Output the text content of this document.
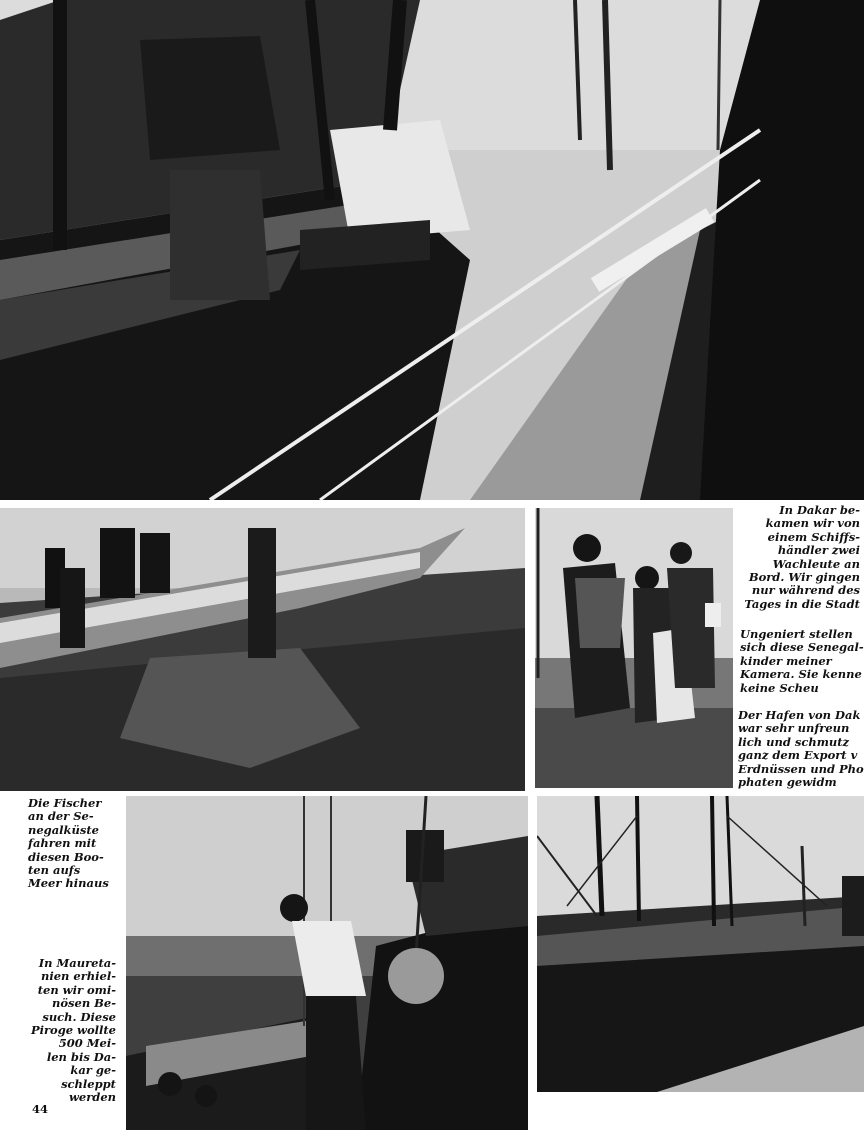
In Dakar be-
kamen wir von
einem Schiffs-
händler zwei
Wachleute an
Bord. Wir gingen
nur während des
Tages in die Stadt
Ungeniert stellen
sich diese Senegal-
kinder meiner
Kamera. Sie kenne
keine Scheu
Der Hafen von Dak
war sehr unfreun
lich und schmutz
ganz dem Export v
Erdnüssen und Pho
phaten gewidm
Die Fischer
an der Se-
negalküste
fahren mit
diesen Boo-
ten aufs
Meer hinaus
In Maureta-
nien erhiel-
ten wir omi-
nösen Be-
such. Diese
Piroge wollte
500 Mei-
len bis Da-
kar ge-
schleppt
werden
44
